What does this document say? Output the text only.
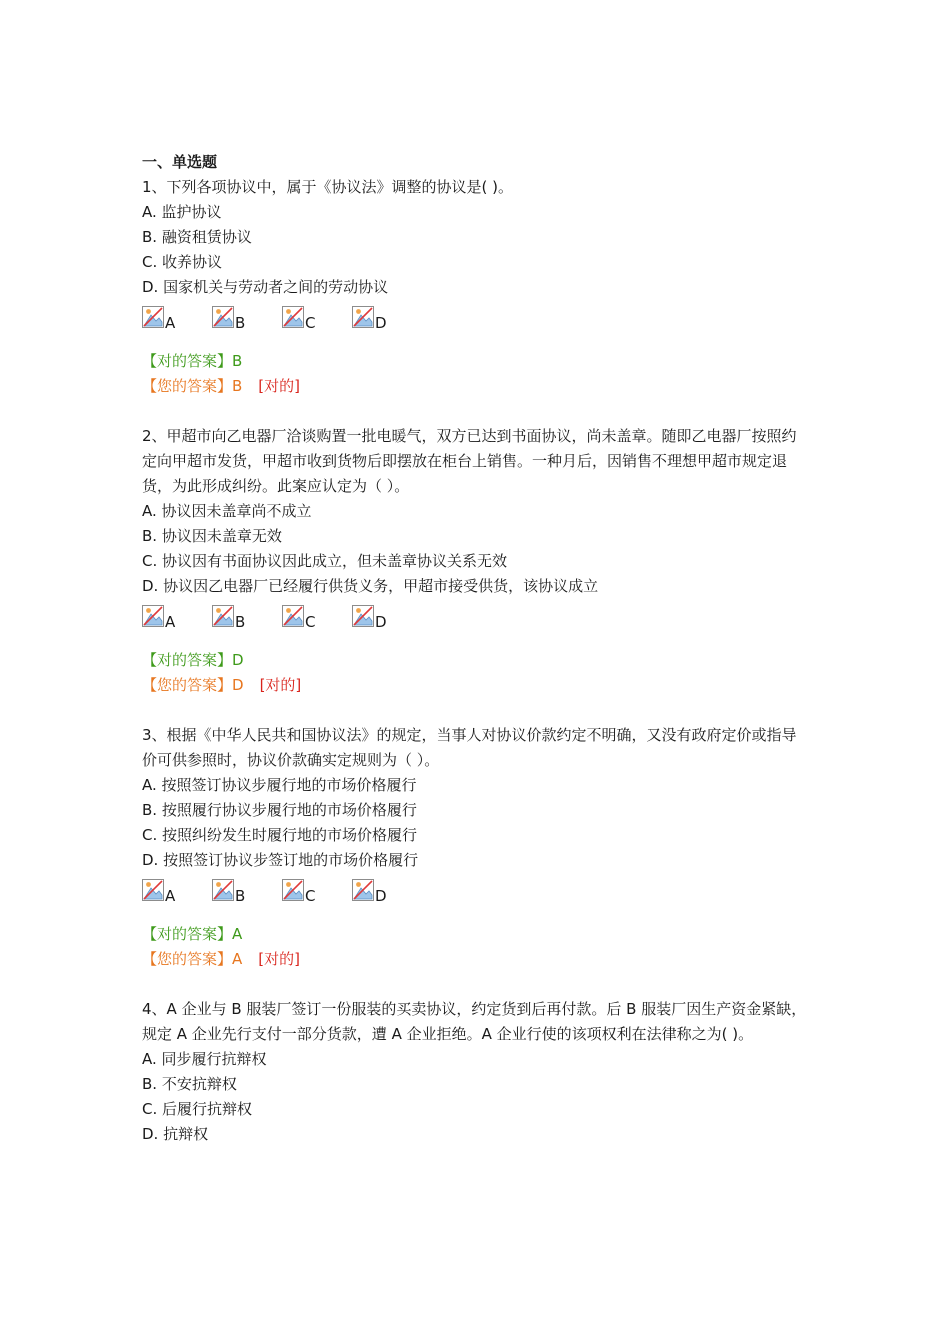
一、单选题
1、下列各项协议中，属于《协议法》调整的协议是( )。
A. 监护协议
B. 融资租赁协议
C. 收养协议
D. 国家机关与劳动者之间的劳动协议
A	B	C	D
【对的答案】B
【您的答案】B [对的]
2、甲超市向乙电器厂洽谈购置一批电暖气，双方已达到书面协议，尚未盖章。随即乙电器厂按照约定向甲超市发货，甲超市收到货物后即摆放在柜台上销售。一种月后，因销售不理想甲超市规定退货，为此形成纠纷。此案应认定为（ ）。
A. 协议因未盖章尚不成立
B. 协议因未盖章无效
C. 协议因有书面协议因此成立，但未盖章协议关系无效
D. 协议因乙电器厂已经履行供货义务，甲超市接受供货，该协议成立
A	B	C	D
【对的答案】D
【您的答案】D [对的]
3、根据《中华人民共和国协议法》的规定，当事人对协议价款约定不明确，又没有政府定价或指导价可供参照时，协议价款确实定规则为（ ）。
A. 按照签订协议步履行地的市场价格履行
B. 按照履行协议步履行地的市场价格履行
C. 按照纠纷发生时履行地的市场价格履行
D. 按照签订协议步签订地的市场价格履行
A	B	C	D
【对的答案】A
【您的答案】A [对的]
4、A 企业与 B 服装厂签订一份服装的买卖协议，约定货到后再付款。后 B 服装厂因生产资金紧缺，规定 A 企业先行支付一部分货款，遭 A 企业拒绝。A 企业行使的该项权利在法律称之为( )。
A. 同步履行抗辩权
B. 不安抗辩权
C. 后履行抗辩权
D. 抗辩权
